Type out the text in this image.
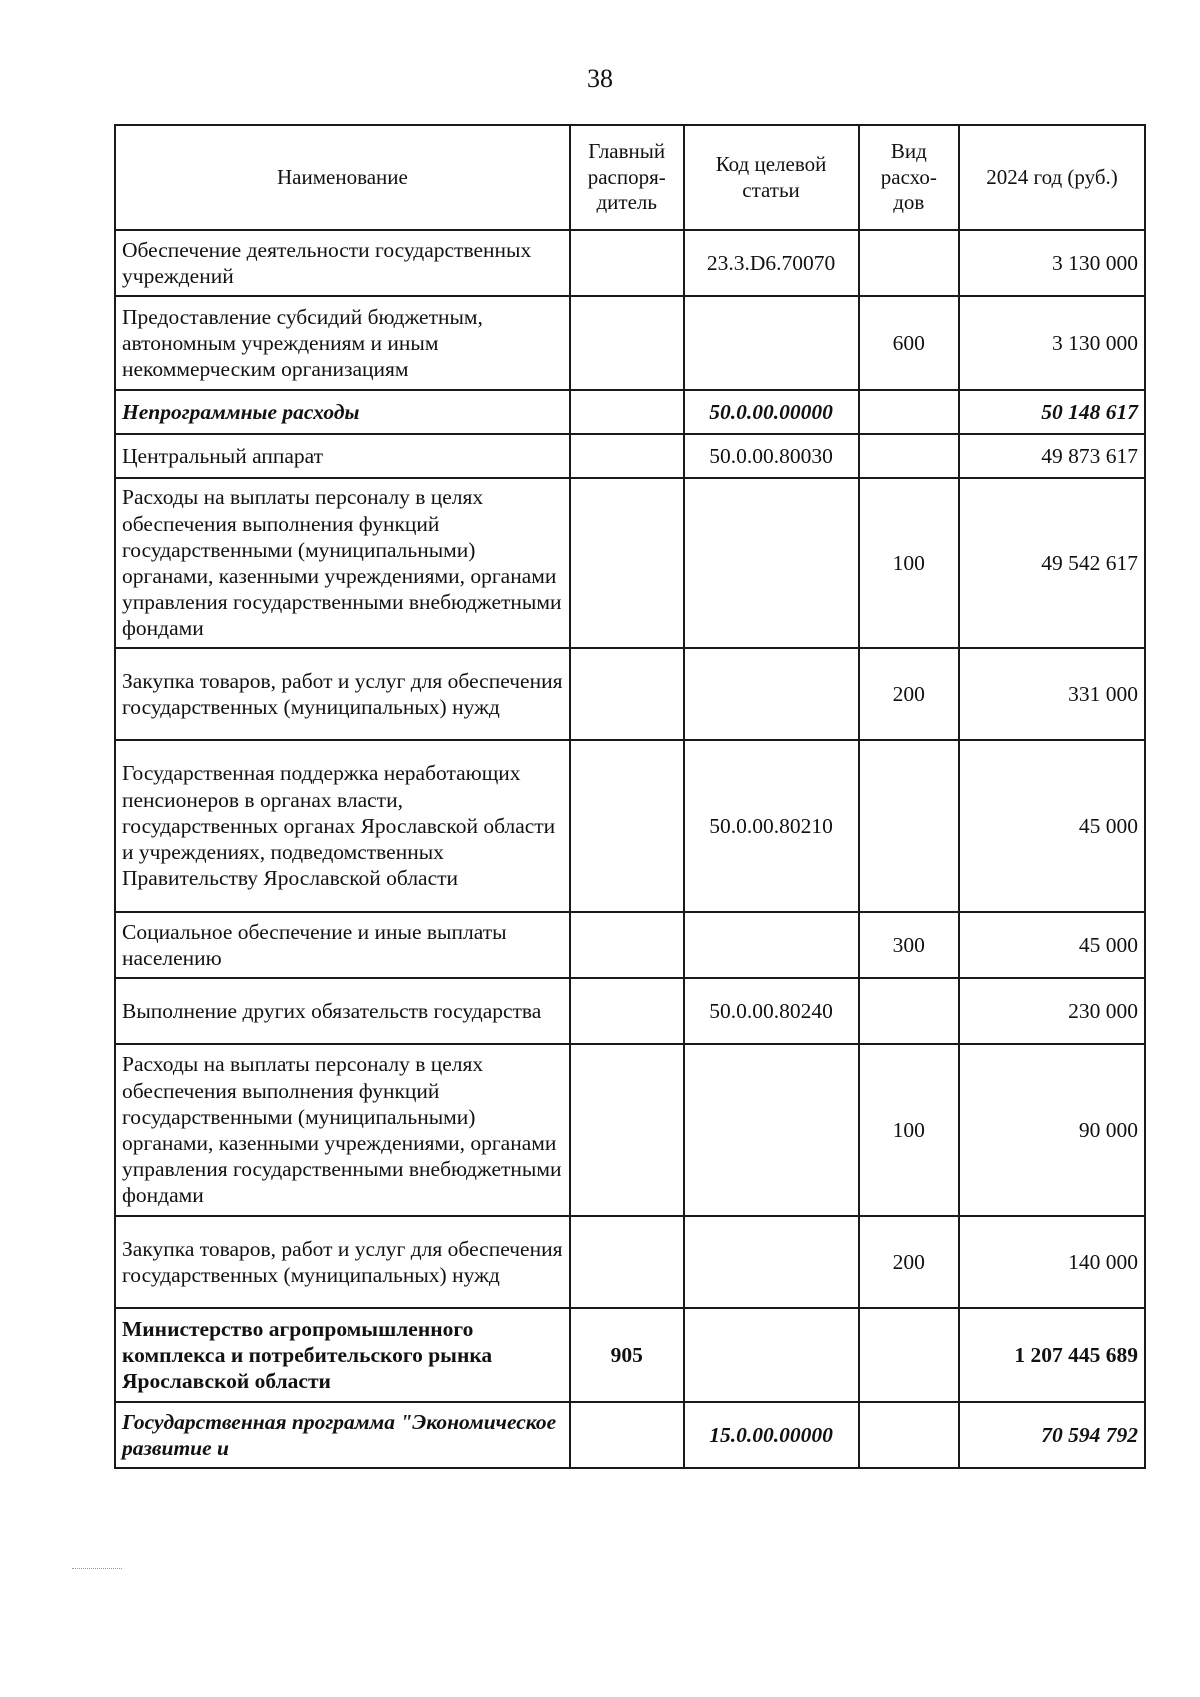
38
Наименование	Главный распоря-дитель	Код целевой статьи	Вид расхо-дов	2024 год (руб.)
Обеспечение деятельности государственных учреждений		23.3.D6.70070		3 130 000
Предоставление субсидий бюджетным, автономным учреждениям и иным некоммерческим организациям			600	3 130 000
Непрограммные расходы		50.0.00.00000		50 148 617
Центральный аппарат		50.0.00.80030		49 873 617
Расходы на выплаты персоналу в целях обеспечения выполнения функций государственными (муниципальными) органами, казенными учреждениями, органами управления государственными внебюджетными фондами			100	49 542 617
Закупка товаров, работ и услуг для обеспечения государственных (муниципальных) нужд			200	331 000
Государственная поддержка неработающих пенсионеров в органах власти, государственных органах Ярославской области и учреждениях, подведомственных Правительству Ярославской области		50.0.00.80210		45 000
Социальное обеспечение и иные выплаты населению			300	45 000
Выполнение других обязательств государства		50.0.00.80240		230 000
Расходы на выплаты персоналу в целях обеспечения выполнения функций государственными (муниципальными) органами, казенными учреждениями, органами управления государственными внебюджетными фондами			100	90 000
Закупка товаров, работ и услуг для обеспечения государственных (муниципальных) нужд			200	140 000
Министерство агропромышленного комплекса и потребительского рынка Ярославской области	905			1 207 445 689
Государственная программа "Экономическое развитие и		15.0.00.00000		70 594 792
